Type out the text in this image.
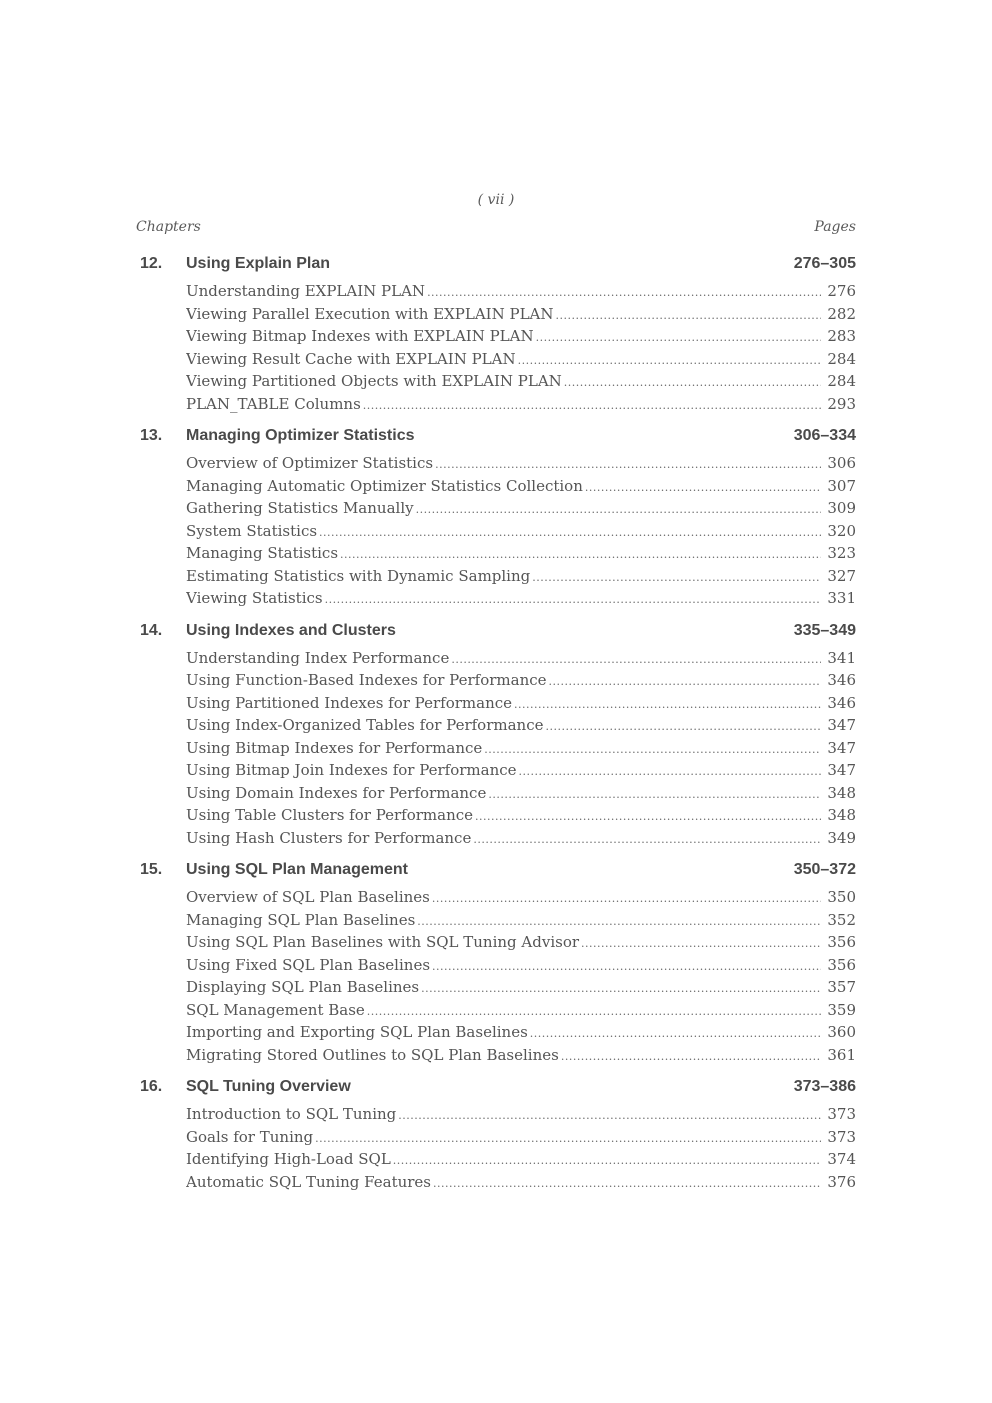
( vii )
Chapters	Pages
12.	Using Explain Plan	276–305
Understanding EXPLAIN PLAN .....	276
Viewing Parallel Execution with EXPLAIN PLAN .....	282
Viewing Bitmap Indexes with EXPLAIN PLAN .....	283
Viewing Result Cache with EXPLAIN PLAN .....	284
Viewing Partitioned Objects with EXPLAIN PLAN .....	284
PLAN_TABLE Columns .....	293
13.	Managing Optimizer Statistics	306–334
Overview of Optimizer Statistics .....	306
Managing Automatic Optimizer Statistics Collection .....	307
Gathering Statistics Manually .....	309
System Statistics .....	320
Managing Statistics .....	323
Estimating Statistics with Dynamic Sampling .....	327
Viewing Statistics .....	331
14.	Using Indexes and Clusters	335–349
Understanding Index Performance .....	341
Using Function-Based Indexes for Performance .....	346
Using Partitioned Indexes for Performance .....	346
Using Index-Organized Tables for Performance .....	347
Using Bitmap Indexes for Performance .....	347
Using Bitmap Join Indexes for Performance .....	347
Using Domain Indexes for Performance .....	348
Using Table Clusters for Performance .....	348
Using Hash Clusters for Performance .....	349
15.	Using SQL Plan Management	350–372
Overview of SQL Plan Baselines .....	350
Managing SQL Plan Baselines .....	352
Using SQL Plan Baselines with SQL Tuning Advisor .....	356
Using Fixed SQL Plan Baselines .....	356
Displaying SQL Plan Baselines .....	357
SQL Management Base .....	359
Importing and Exporting SQL Plan Baselines .....	360
Migrating Stored Outlines to SQL Plan Baselines .....	361
16.	SQL Tuning Overview	373–386
Introduction to SQL Tuning .....	373
Goals for Tuning .....	373
Identifying High-Load SQL .....	374
Automatic SQL Tuning Features .....	376
